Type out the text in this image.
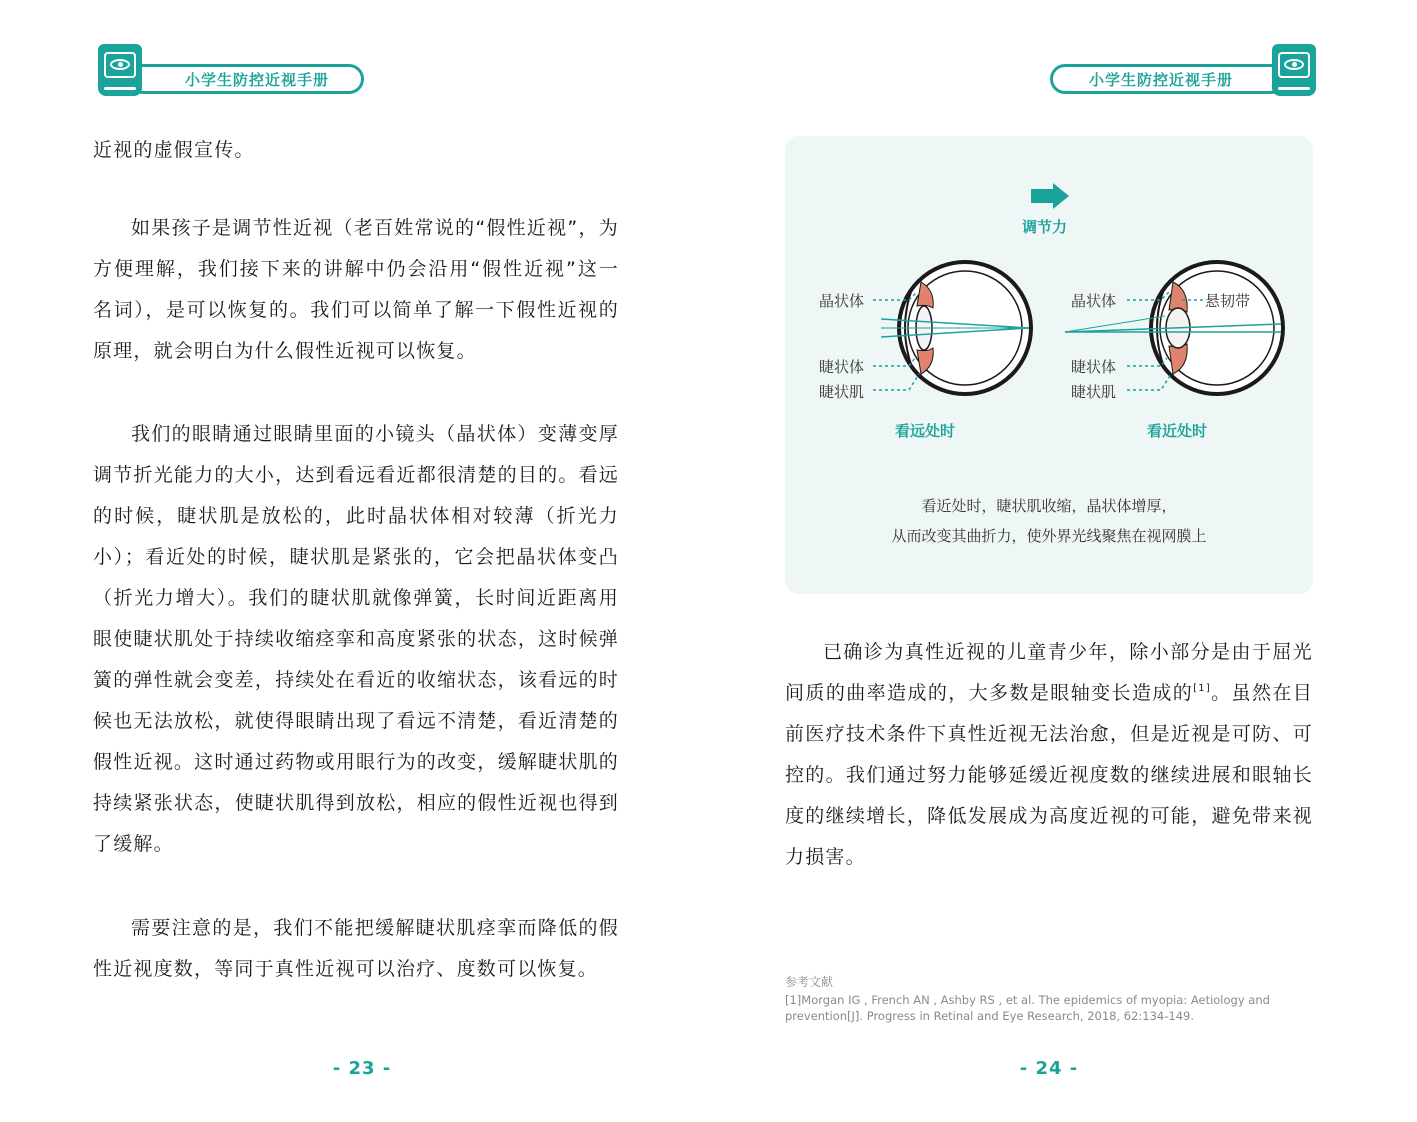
小学生防控近视手册

近视的虚假宣传。

如果孩子是调节性近视（老百姓常说的“假性近视”，为方便理解，我们接下来的讲解中仍会沿用“假性近视”这一名词），是可以恢复的。我们可以简单了解一下假性近视的原理，就会明白为什么假性近视可以恢复。

我们的眼睛通过眼睛里面的小镜头（晶状体）变薄变厚调节折光能力的大小，达到看远看近都很清楚的目的。看远的时候，睫状肌是放松的，此时晶状体相对较薄（折光力小）；看近处的时候，睫状肌是紧张的，它会把晶状体变凸（折光力增大）。我们的睫状肌就像弹簧，长时间近距离用眼使睫状肌处于持续收缩痉挛和高度紧张的状态，这时候弹簧的弹性就会变差，持续处在看近的收缩状态，该看远的时候也无法放松，就使得眼睛出现了看远不清楚，看近清楚的假性近视。这时通过药物或用眼行为的改变，缓解睫状肌的持续紧张状态，使睫状肌得到放松，相应的假性近视也得到了缓解。

需要注意的是，我们不能把缓解睫状肌痉挛而降低的假性近视度数，等同于真性近视可以治疗、度数可以恢复。

- 23 -
小学生防控近视手册
调节力
晶状体
睫状体
睫状肌
看远处时
晶状体	悬韧带
睫状体
睫状肌
看近处时
看近处时，睫状肌收缩，晶状体增厚，
从而改变其曲折力，使外界光线聚焦在视网膜上

已确诊为真性近视的儿童青少年，除小部分是由于屈光间质的曲率造成的，大多数是眼轴变长造成的[1]。虽然在目前医疗技术条件下真性近视无法治愈，但是近视是可防、可控的。我们通过努力能够延缓近视度数的继续进展和眼轴长度的继续增长，降低发展成为高度近视的可能，避免带来视力损害。

参考文献
[1]Morgan IG , French AN , Ashby RS , et al. The epidemics of myopia: Aetiology and prevention[J]. Progress in Retinal and Eye Research, 2018, 62:134-149.
- 24 -
